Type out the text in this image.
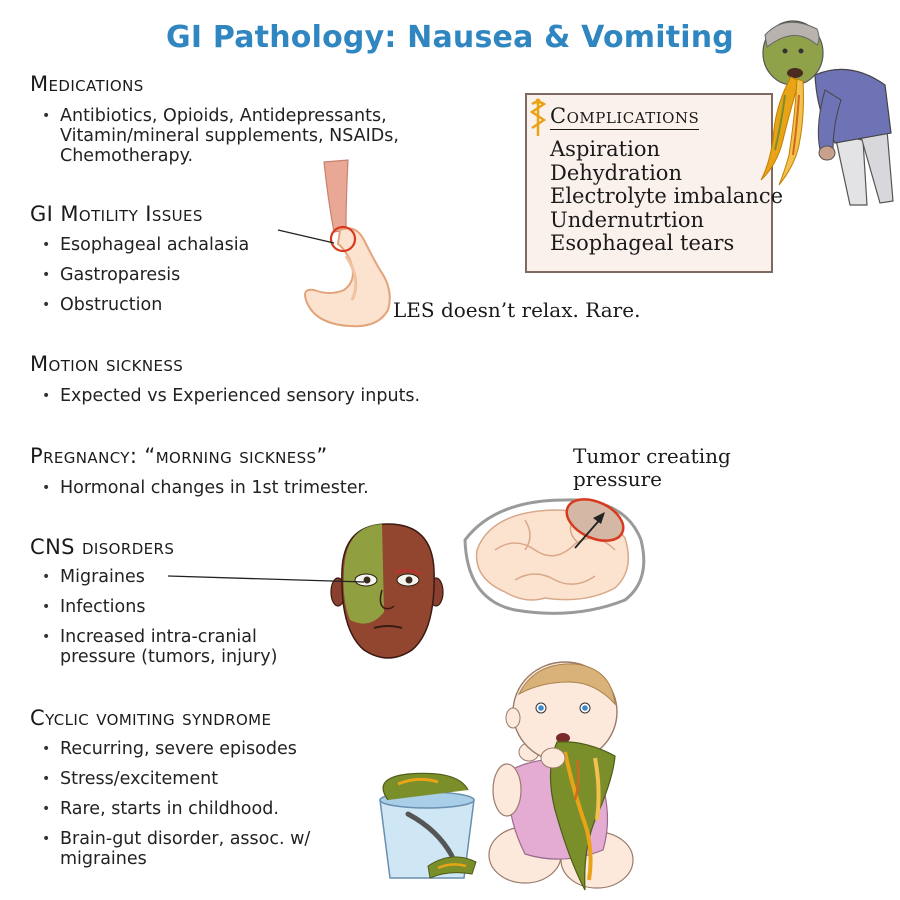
GI Pathology: Nausea & Vomiting
Medications
• Antibiotics, Opioids, Antidepressants, Vitamin/mineral supplements, NSAIDs, Chemotherapy.
GI Motility Issues
• Esophageal achalasia
• Gastroparesis
• Obstruction
Motion sickness
• Expected vs Experienced sensory inputs.
Pregnancy: “morning sickness”
• Hormonal changes in 1st trimester.
CNS disorders
• Migraines
• Infections
• Increased intra-cranial pressure (tumors, injury)
Cyclic vomiting syndrome
• Recurring, severe episodes
• Stress/excitement
• Rare, starts in childhood.
• Brain-gut disorder, assoc. w/ migraines
Complications
Aspiration
Dehydration
Electrolyte imbalance
Undernutrtion
Esophageal tears
LES doesn’t relax. Rare.
Tumor creating
pressure
